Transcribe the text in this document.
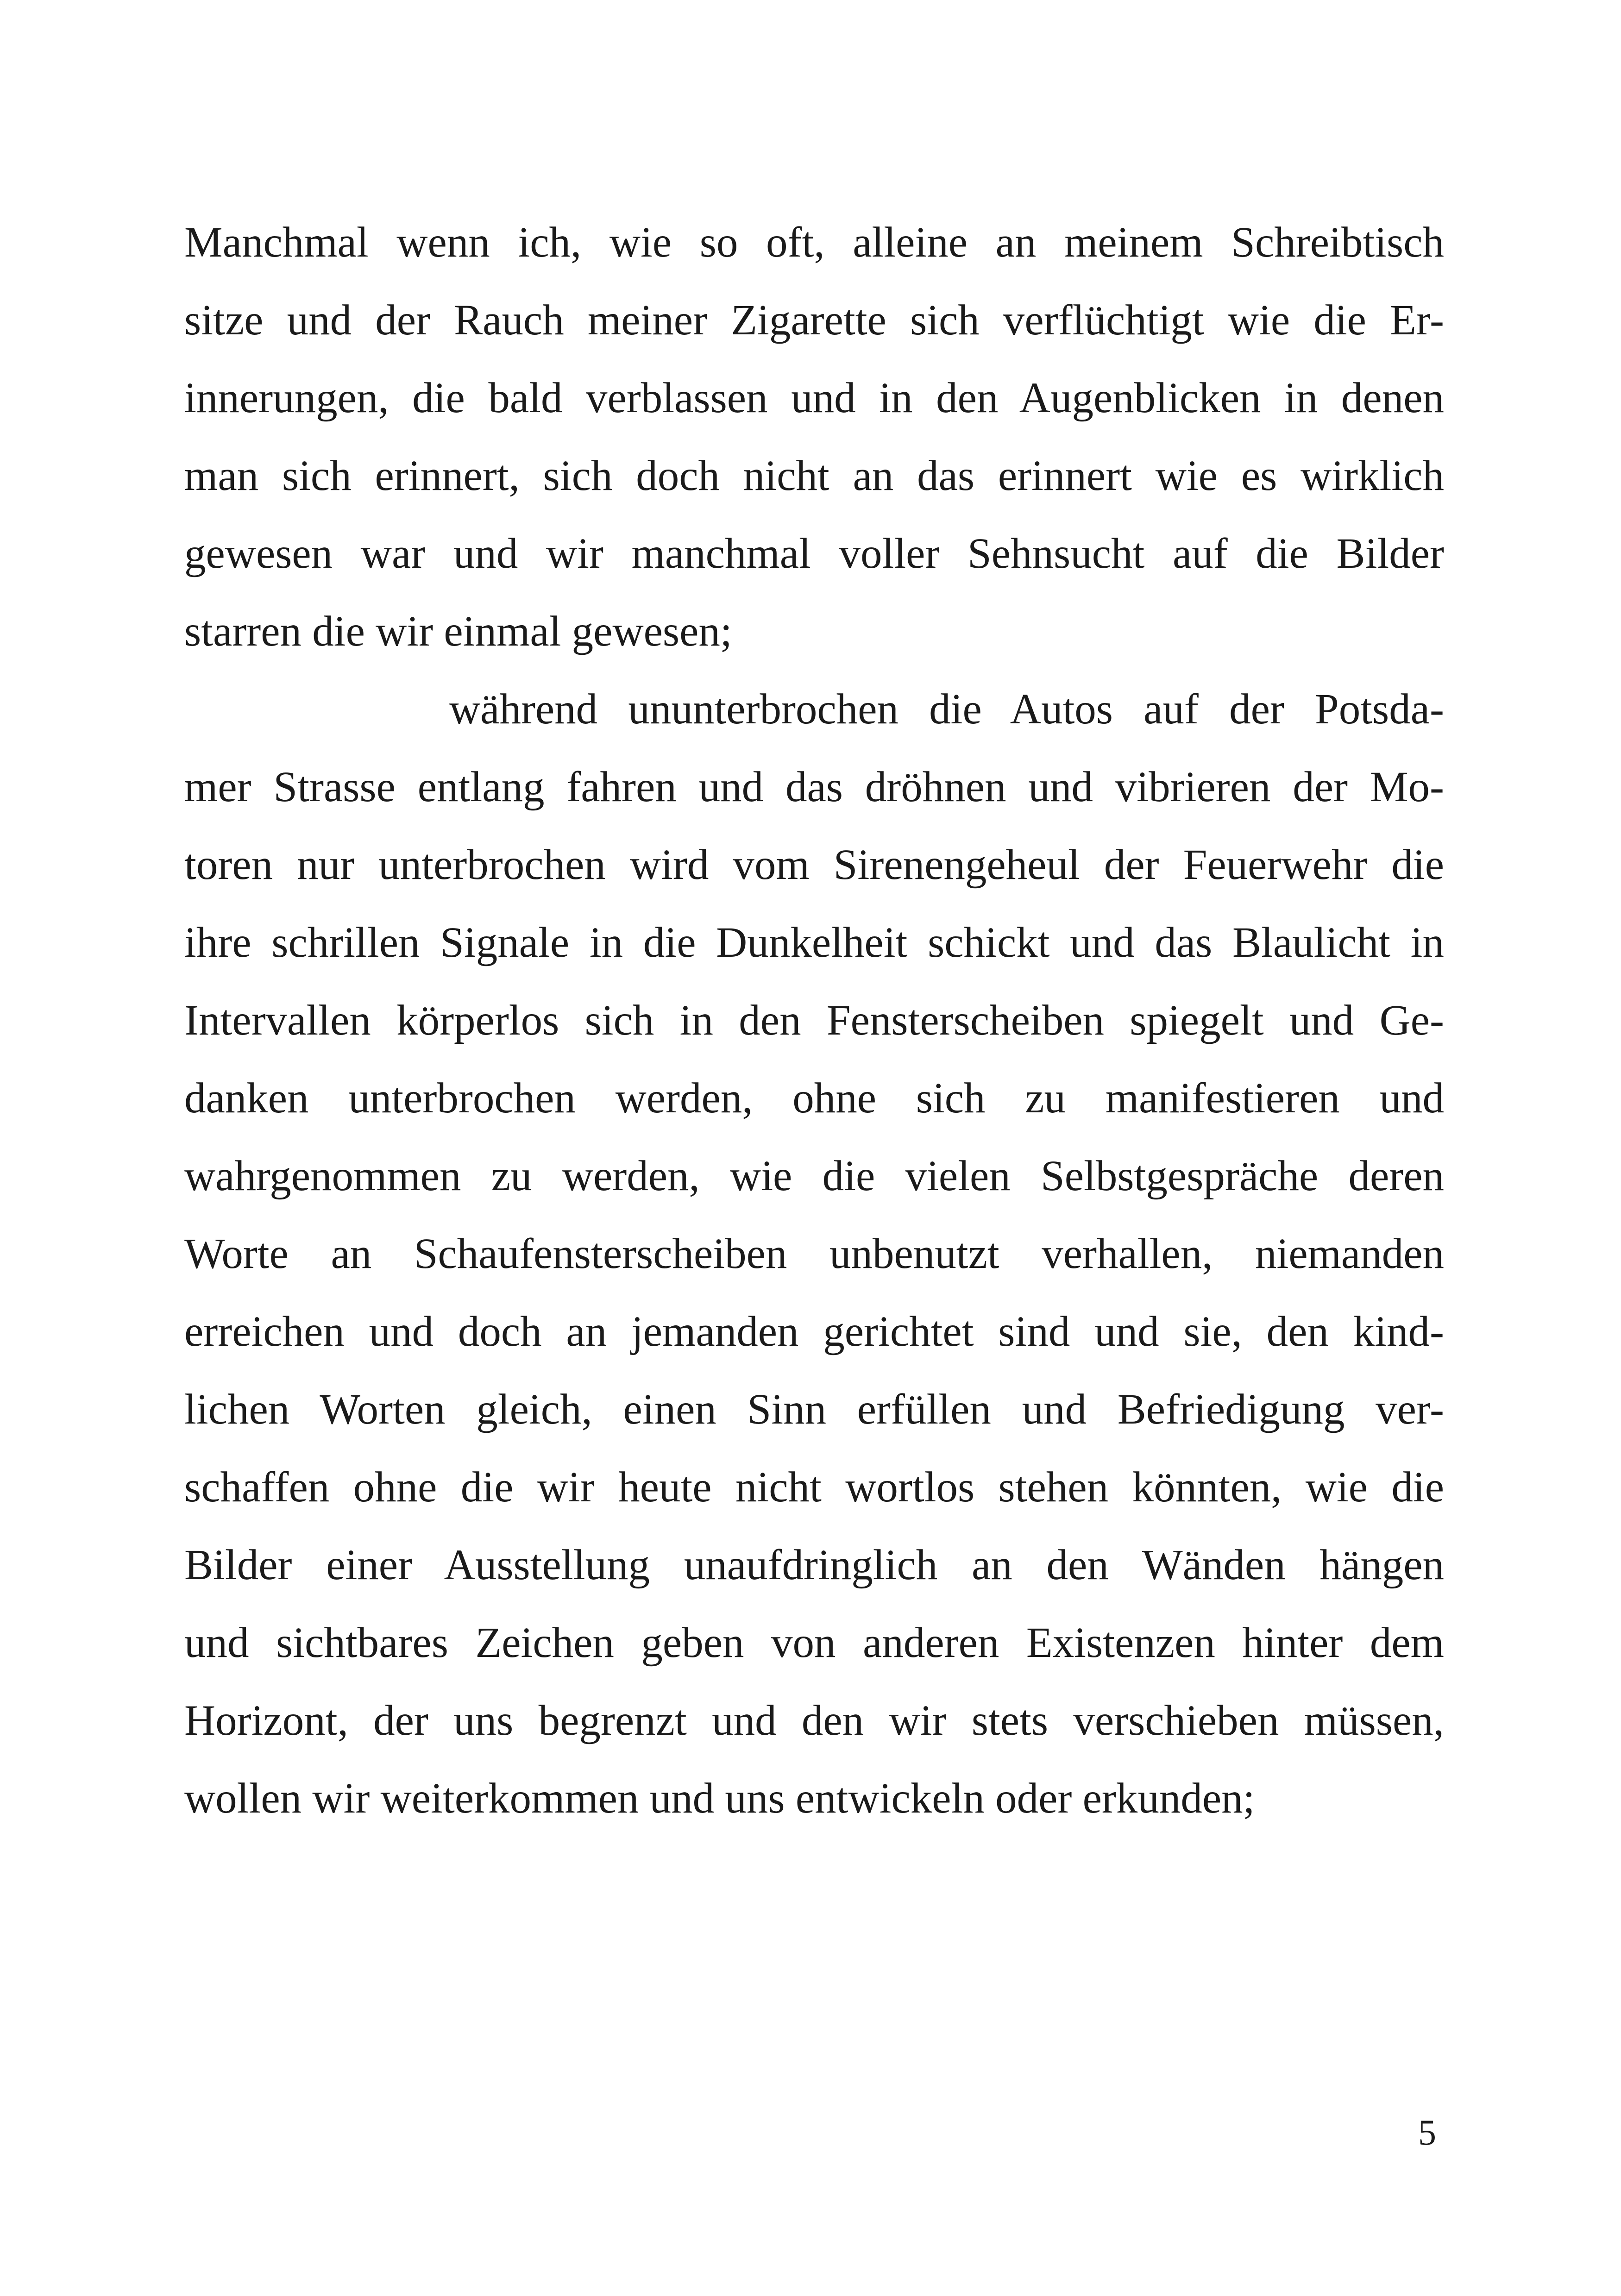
Manchmal wenn ich, wie so oft, alleine an meinem Schreibtisch
sitze und der Rauch meiner Zigarette sich verflüchtigt wie die Er-
innerungen, die bald verblassen und in den Augenblicken in denen
man sich erinnert, sich doch nicht an das erinnert wie es wirklich
gewesen war und wir manchmal voller Sehnsucht auf die Bilder
starren die wir einmal gewesen;
während ununterbrochen die Autos auf der Potsda-
mer Strasse entlang fahren und das dröhnen und vibrieren der Mo-
toren nur unterbrochen wird vom Sirenengeheul der Feuerwehr die
ihre schrillen Signale in die Dunkelheit schickt und das Blaulicht in
Intervallen körperlos sich in den Fensterscheiben spiegelt und Ge-
danken unterbrochen werden, ohne sich zu manifestieren und
wahrgenommen zu werden, wie die vielen Selbstgespräche deren
Worte an Schaufensterscheiben unbenutzt verhallen, niemanden
erreichen und doch an jemanden gerichtet sind und sie, den kind-
lichen Worten gleich, einen Sinn erfüllen und Befriedigung ver-
schaffen ohne die wir heute nicht wortlos stehen könnten, wie die
Bilder einer Ausstellung unaufdringlich an den Wänden hängen
und sichtbares Zeichen geben von anderen Existenzen hinter dem
Horizont, der uns begrenzt und den wir stets verschieben müssen,
wollen wir weiterkommen und uns entwickeln oder erkunden;
5
